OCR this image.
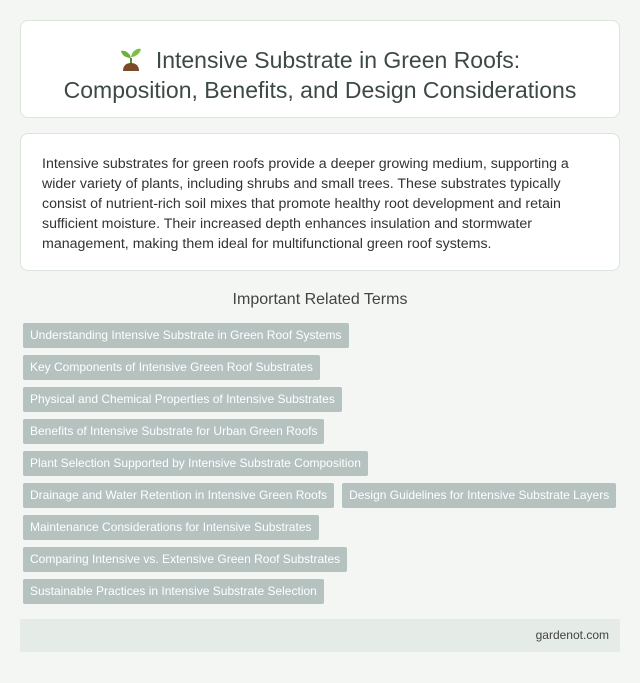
Intensive Substrate in Green Roofs:
Composition, Benefits, and Design Considerations

Intensive substrates for green roofs provide a deeper growing medium, supporting a wider variety of plants, including shrubs and small trees. These substrates typically consist of nutrient-rich soil mixes that promote healthy root development and retain sufficient moisture. Their increased depth enhances insulation and stormwater management, making them ideal for multifunctional green roof systems.

Important Related Terms
Understanding Intensive Substrate in Green Roof Systems
Key Components of Intensive Green Roof Substrates
Physical and Chemical Properties of Intensive Substrates
Benefits of Intensive Substrate for Urban Green Roofs
Plant Selection Supported by Intensive Substrate Composition
Drainage and Water Retention in Intensive Green Roofs	Design Guidelines for Intensive Substrate Layers
Maintenance Considerations for Intensive Substrates
Comparing Intensive vs. Extensive Green Roof Substrates
Sustainable Practices in Intensive Substrate Selection
gardenot.com
